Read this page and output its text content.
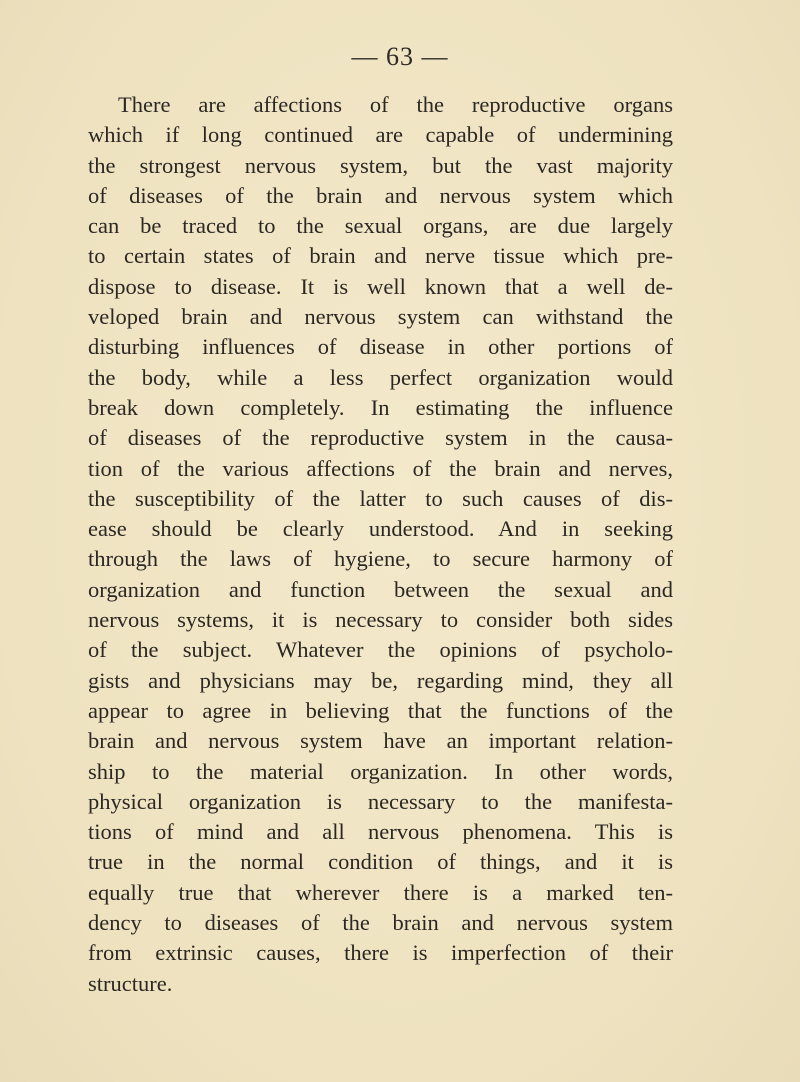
— 63 —
There are affections of the reproductive organs
which if long continued are capable of undermining
the strongest nervous system, but the vast majority
of diseases of the brain and nervous system which
can be traced to the sexual organs, are due largely
to certain states of brain and nerve tissue which pre-
dispose to disease. It is well known that a well de-
veloped brain and nervous system can withstand the
disturbing influences of disease in other portions of
the body, while a less perfect organization would
break down completely. In estimating the influence
of diseases of the reproductive system in the causa-
tion of the various affections of the brain and nerves,
the susceptibility of the latter to such causes of dis-
ease should be clearly understood. And in seeking
through the laws of hygiene, to secure harmony of
organization and function between the sexual and
nervous systems, it is necessary to consider both sides
of the subject. Whatever the opinions of psycholo-
gists and physicians may be, regarding mind, they all
appear to agree in believing that the functions of the
brain and nervous system have an important relation-
ship to the material organization. In other words,
physical organization is necessary to the manifesta-
tions of mind and all nervous phenomena. This is
true in the normal condition of things, and it is
equally true that wherever there is a marked ten-
dency to diseases of the brain and nervous system
from extrinsic causes, there is imperfection of their
structure.
